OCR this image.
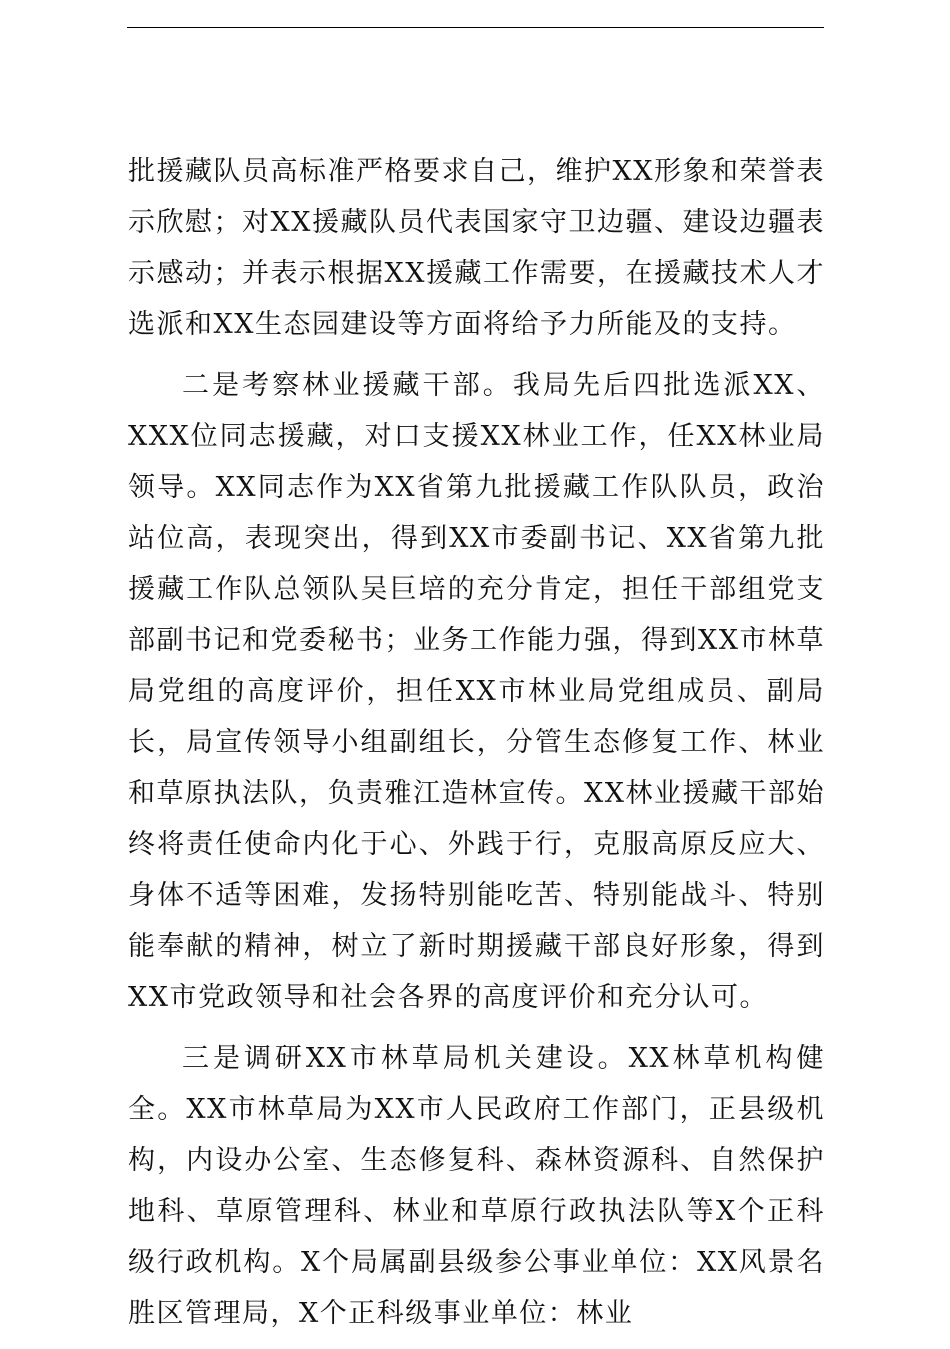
批援藏队员高标准严格要求自己，维护XX形象和荣誉表示欣慰；对XX援藏队员代表国家守卫边疆、建设边疆表示感动；并表示根据XX援藏工作需要，在援藏技术人才选派和XX生态园建设等方面将给予力所能及的支持。

二是考察林业援藏干部。我局先后四批选派XX、XXX位同志援藏，对口支援XX林业工作，任XX林业局领导。XX同志作为XX省第九批援藏工作队队员，政治站位高，表现突出，得到XX市委副书记、XX省第九批援藏工作队总领队吴巨培的充分肯定，担任干部组党支部副书记和党委秘书；业务工作能力强，得到XX市林草局党组的高度评价，担任XX市林业局党组成员、副局长，局宣传领导小组副组长，分管生态修复工作、林业和草原执法队，负责雅江造林宣传。XX林业援藏干部始终将责任使命内化于心、外践于行，克服高原反应大、身体不适等困难，发扬特别能吃苦、特别能战斗、特别能奉献的精神，树立了新时期援藏干部良好形象，得到XX市党政领导和社会各界的高度评价和充分认可。

三是调研XX市林草局机关建设。XX林草机构健全。XX市林草局为XX市人民政府工作部门，正县级机构，内设办公室、生态修复科、森林资源科、自然保护地科、草原管理科、林业和草原行政执法队等X个正科级行政机构。X个局属副县级参公事业单位：XX风景名胜区管理局，X个正科级事业单位：林业
